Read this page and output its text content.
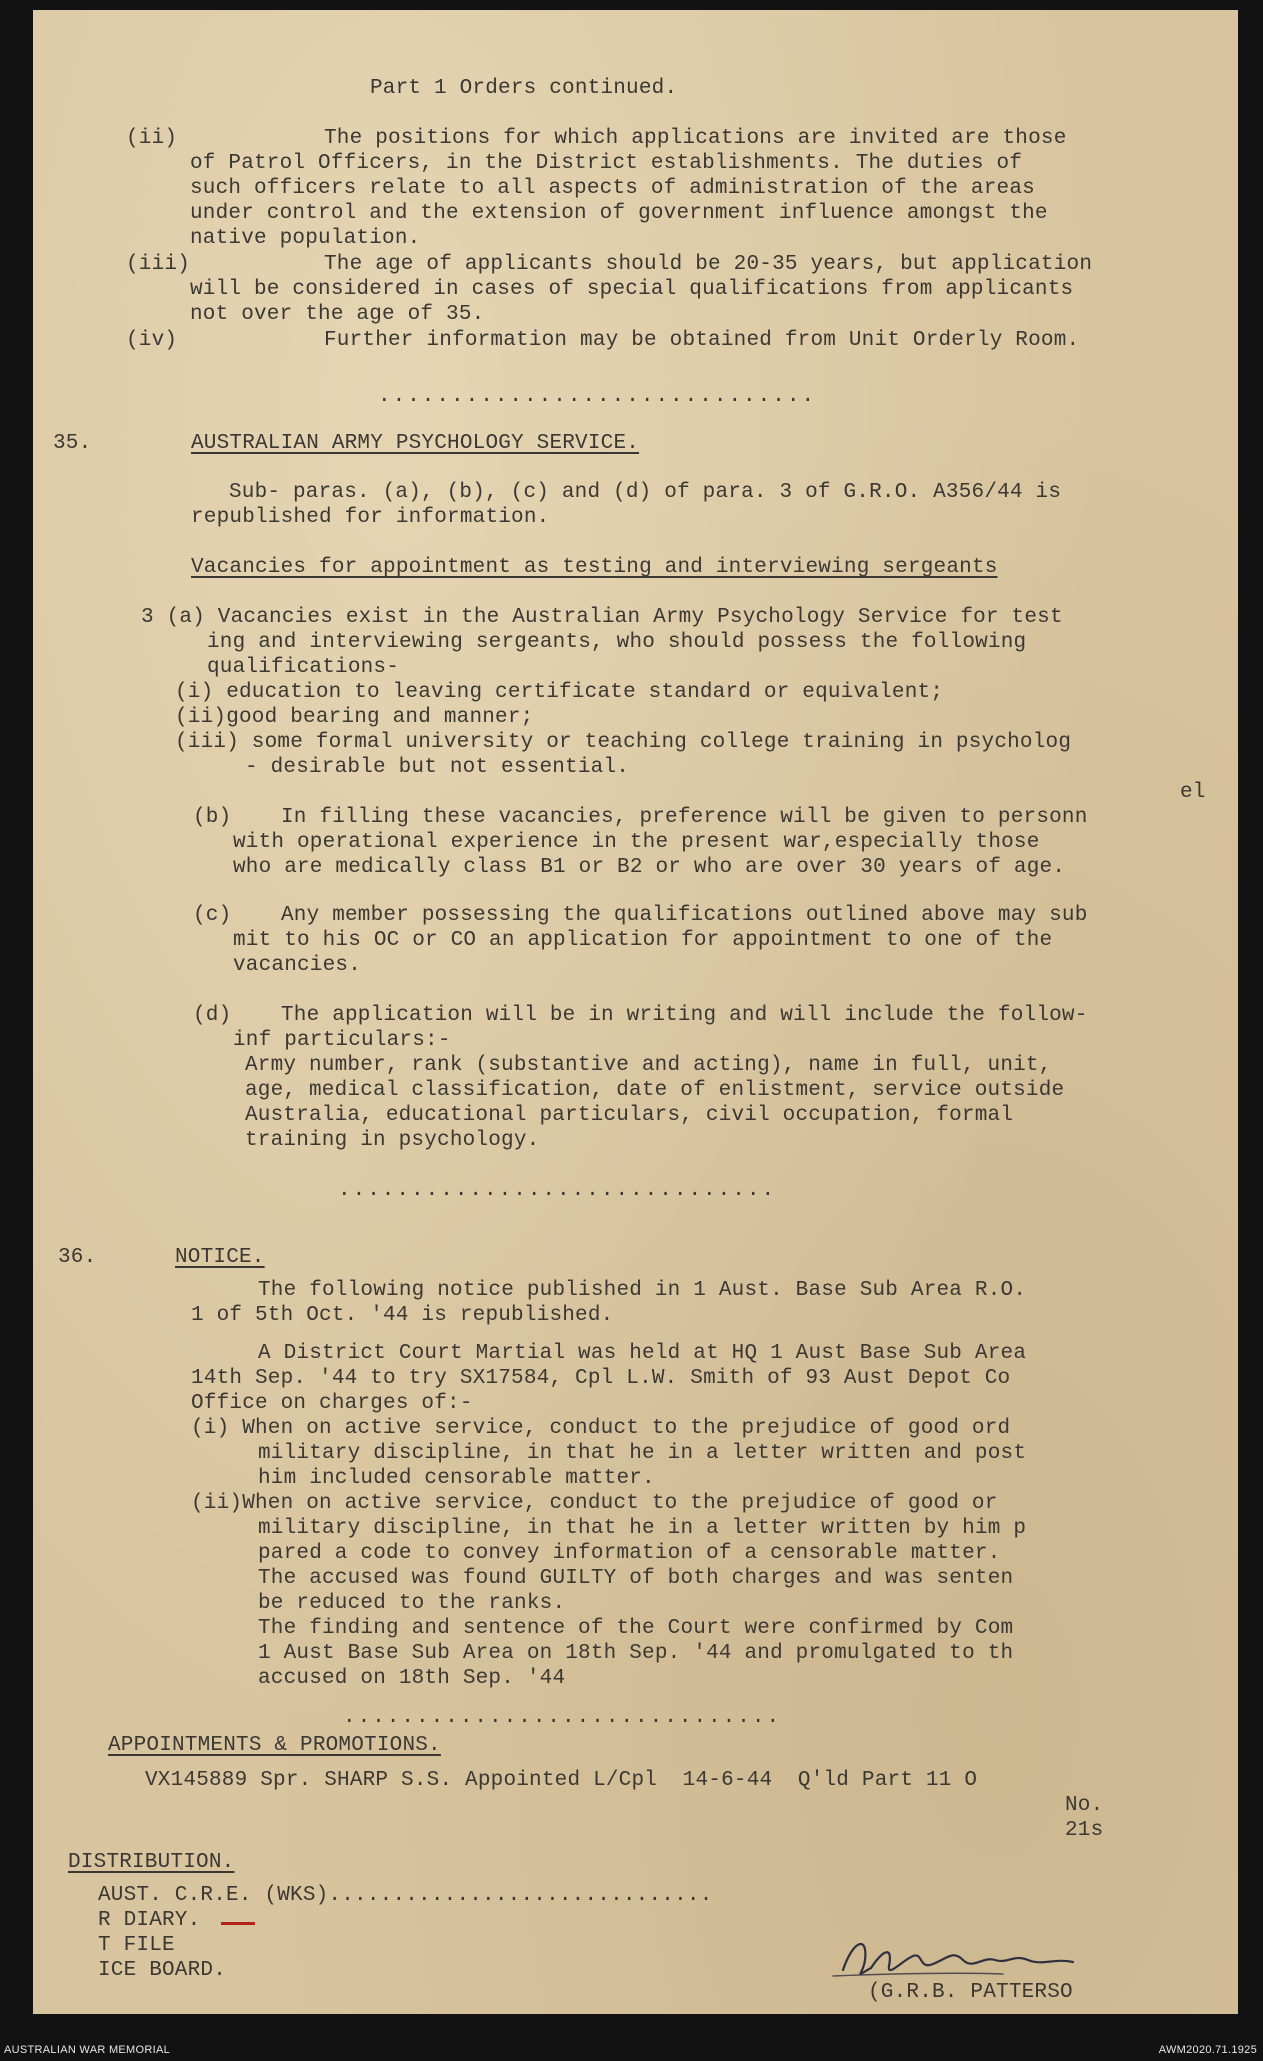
Part 1 Orders continued.
(ii)	The positions for which applications are invited are those
of Patrol Officers, in the District establishments. The duties of
such officers relate to all aspects of administration of the areas
under control and the extension of government influence amongst the
native population.
(iii)	The age of applicants should be 20-35 years, but application
will be considered in cases of special qualifications from applicants
not over the age of 35.
(iv)	Further information may be obtained from Unit Orderly Room.
..............................
35.	AUSTRALIAN ARMY PSYCHOLOGY SERVICE.
Sub- paras. (a), (b), (c) and (d) of para. 3 of G.R.O. A356/44 is
republished for information.
Vacancies for appointment as testing and interviewing sergeants
3 (a) Vacancies exist in the Australian Army Psychology Service for test
ing and interviewing sergeants, who should possess the following
qualifications-
(i) education to leaving certificate standard or equivalent;
(ii)good bearing and manner;
(iii) some formal university or teaching college training in psycholog
- desirable but not essential.
el
(b) In filling these vacancies, preference will be given to personn
with operational experience in the present war,especially those
who are medically class B1 or B2 or who are over 30 years of age.
(c) Any member possessing the qualifications outlined above may sub
mit to his OC or CO an application for appointment to one of the
vacancies.
(d) The application will be in writing and will include the follow-
inf particulars:-
Army number, rank (substantive and acting), name in full, unit,
age, medical classification, date of enlistment, service outside
Australia, educational particulars, civil occupation, formal
training in psychology.
..............................
36.	NOTICE.
The following notice published in 1 Aust. Base Sub Area R.O.
1 of 5th Oct. '44 is republished.
A District Court Martial was held at HQ 1 Aust Base Sub Area
14th Sep. '44 to try SX17584, Cpl L.W. Smith of 93 Aust Depot Co
Office on charges of:-
(i) When on active service, conduct to the prejudice of good ord
military discipline, in that he in a letter written and post
him included censorable matter.
(ii)When on active service, conduct to the prejudice of good or
military discipline, in that he in a letter written by him p
pared a code to convey information of a censorable matter.
The accused was found GUILTY of both charges and was senten
be reduced to the ranks.
The finding and sentence of the Court were confirmed by Com
1 Aust Base Sub Area on 18th Sep. '44 and promulgated to th
accused on 18th Sep. '44
..............................
APPOINTMENTS & PROMOTIONS.
VX145889 Spr. SHARP S.S. Appointed L/Cpl  14-6-44  Q'ld Part 11 O
No.
21s
DISTRIBUTION.
AUST. C.R.E. (WKS)..............................
R DIARY.
T FILE
ICE BOARD.
(G.R.B. PATTERSO
AUSTRALIAN WAR MEMORIAL	AWM2020.71.1925
